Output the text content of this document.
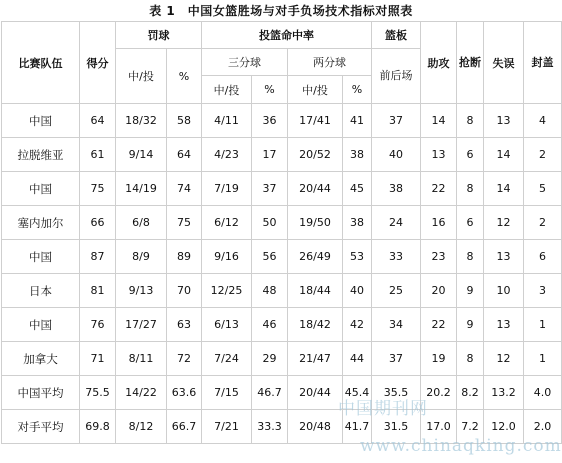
表 1　中国女篮胜场与对手负场技术指标对照表
比赛队伍	得分	罚球		投篮命中率				篮板	助攻	抢断	失误	封盖
		中/投	%	三分球		两分球		前后场				
				中/投	%	中/投	%					
中国	64	18/32	58	4/11	36	17/41	41	37	14	8	13	4
拉脱维亚	61	9/14	64	4/23	17	20/52	38	40	13	6	14	2
中国	75	14/19	74	7/19	37	20/44	45	38	22	8	14	5
塞内加尔	66	6/8	75	6/12	50	19/50	38	24	16	6	12	2
中国	87	8/9	89	9/16	56	26/49	53	33	23	8	13	6
日本	81	9/13	70	12/25	48	18/44	40	25	20	9	10	3
中国	76	17/27	63	6/13	46	18/42	42	34	22	9	13	1
加拿大	71	8/11	72	7/24	29	21/47	44	37	19	8	12	1
中国平均	75.5	14/22	63.6	7/15	46.7	20/44	45.4	35.5	20.2	8.2	13.2	4.0
对手平均	69.8	8/12	66.7	7/21	33.3	20/48	41.7	31.5	17.0	7.2	12.0	2.0
中国期刊网
www.chinaqking.com
